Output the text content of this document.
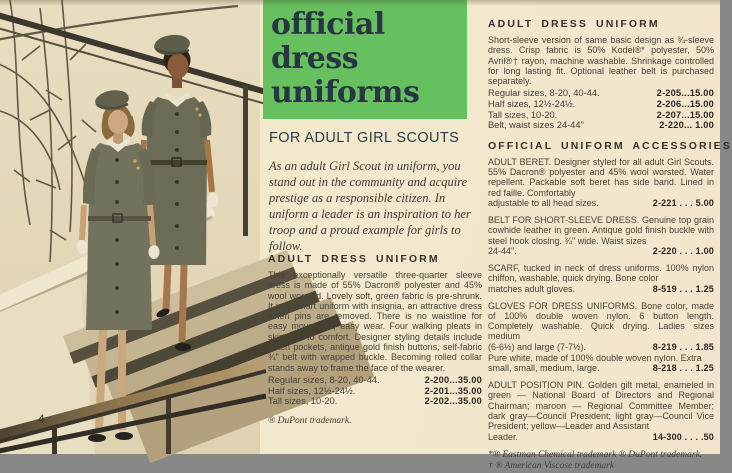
4
official
dress
uniforms
FOR ADULT GIRL SCOUTS
As an adult Girl Scout in uniform, you stand out in the community and acquire prestige as a responsible citizen. In uniform a leader is an inspiration to her troop and a proud example for girls to follow.
ADULT DRESS UNIFORM

This exceptionally versatile three-quarter sleeve dress is made of 55% Dacron® polyester and 45% wool worsted. Lovely soft, green fabric is pre-shrunk. It is a smart uniform with insignia, an attractive dress when pins are removed. There is no waistline for easy movement, easy wear. Four walking pleats in skirt add to comfort. Designer styling details include patch pockets, antique gold finish buttons, self-fabric ¾" belt with wrapped buckle. Becoming rolled collar stands away to frame the face of the wearer.

Regular sizes, 8-20, 40-44.	2-200...35.00
Half sizes, 12½-24½.	2-201...35.00
Tall sizes, 10-20.	2-202...35.00

® DuPont trademark.

ADULT DRESS UNIFORM

Short-sleeve version of same basic design as ¾-sleeve dress. Crisp fabric is 50% Kodel®* polyester, 50% Avril®† rayon, machine washable. Shrinkage controlled for long lasting fit. Optional leather belt is purchased separately.

Regular sizes, 8-20, 40-44.	2-205...15.00
Half sizes, 12½-24½.	2-206...15.00
Tall sizes, 10-20.	2-207...15.00
Belt, waist sizes 24-44"	2-220... 1.00
OFFICIAL UNIFORM ACCESSORIES

ADULT BERET. Designer styled for all adult Girl Scouts. 55% Dacron® polyester and 45% wool worsted. Water repellent. Packable soft beret has side band. Lined in red faille. Comfortably

adjustable to all head sizes.	2-221 . . . 5.00

BELT FOR SHORT-SLEEVE DRESS. Genuine top grain cowhide leather in green. Antique gold finish buckle with steel hook closing. ¾" wide. Waist sizes

24-44".	2-220 . . . 1.00

SCARF, tucked in neck of dress uniforms. 100% nylon chiffon, washable, quick drying. Bone color

matches adult gloves.	8-519 . . . 1.25

GLOVES FOR DRESS UNIFORMS. Bone color, made of 100% double woven nylon. 6 button length. Completely washable. Quick drying. Ladies sizes medium

(6-6½) and large (7-7½).	8-219 . . . 1.85

Pure white, made of 100% double woven nylon. Extra

small, small, medium, large.	8-218 . . . 1.25

ADULT POSITION PIN. Golden gilt metal, enameled in green — National Board of Directors and Regional Chairman; maroon — Regional Committee Member; dark gray—Council President; light gray—Council Vice President; yellow—Leader and Assistant

Leader.	14-300 . . . .50

*® Eastman Chemical trademark ® DuPont trademark.

† ® American Viscose trademark
